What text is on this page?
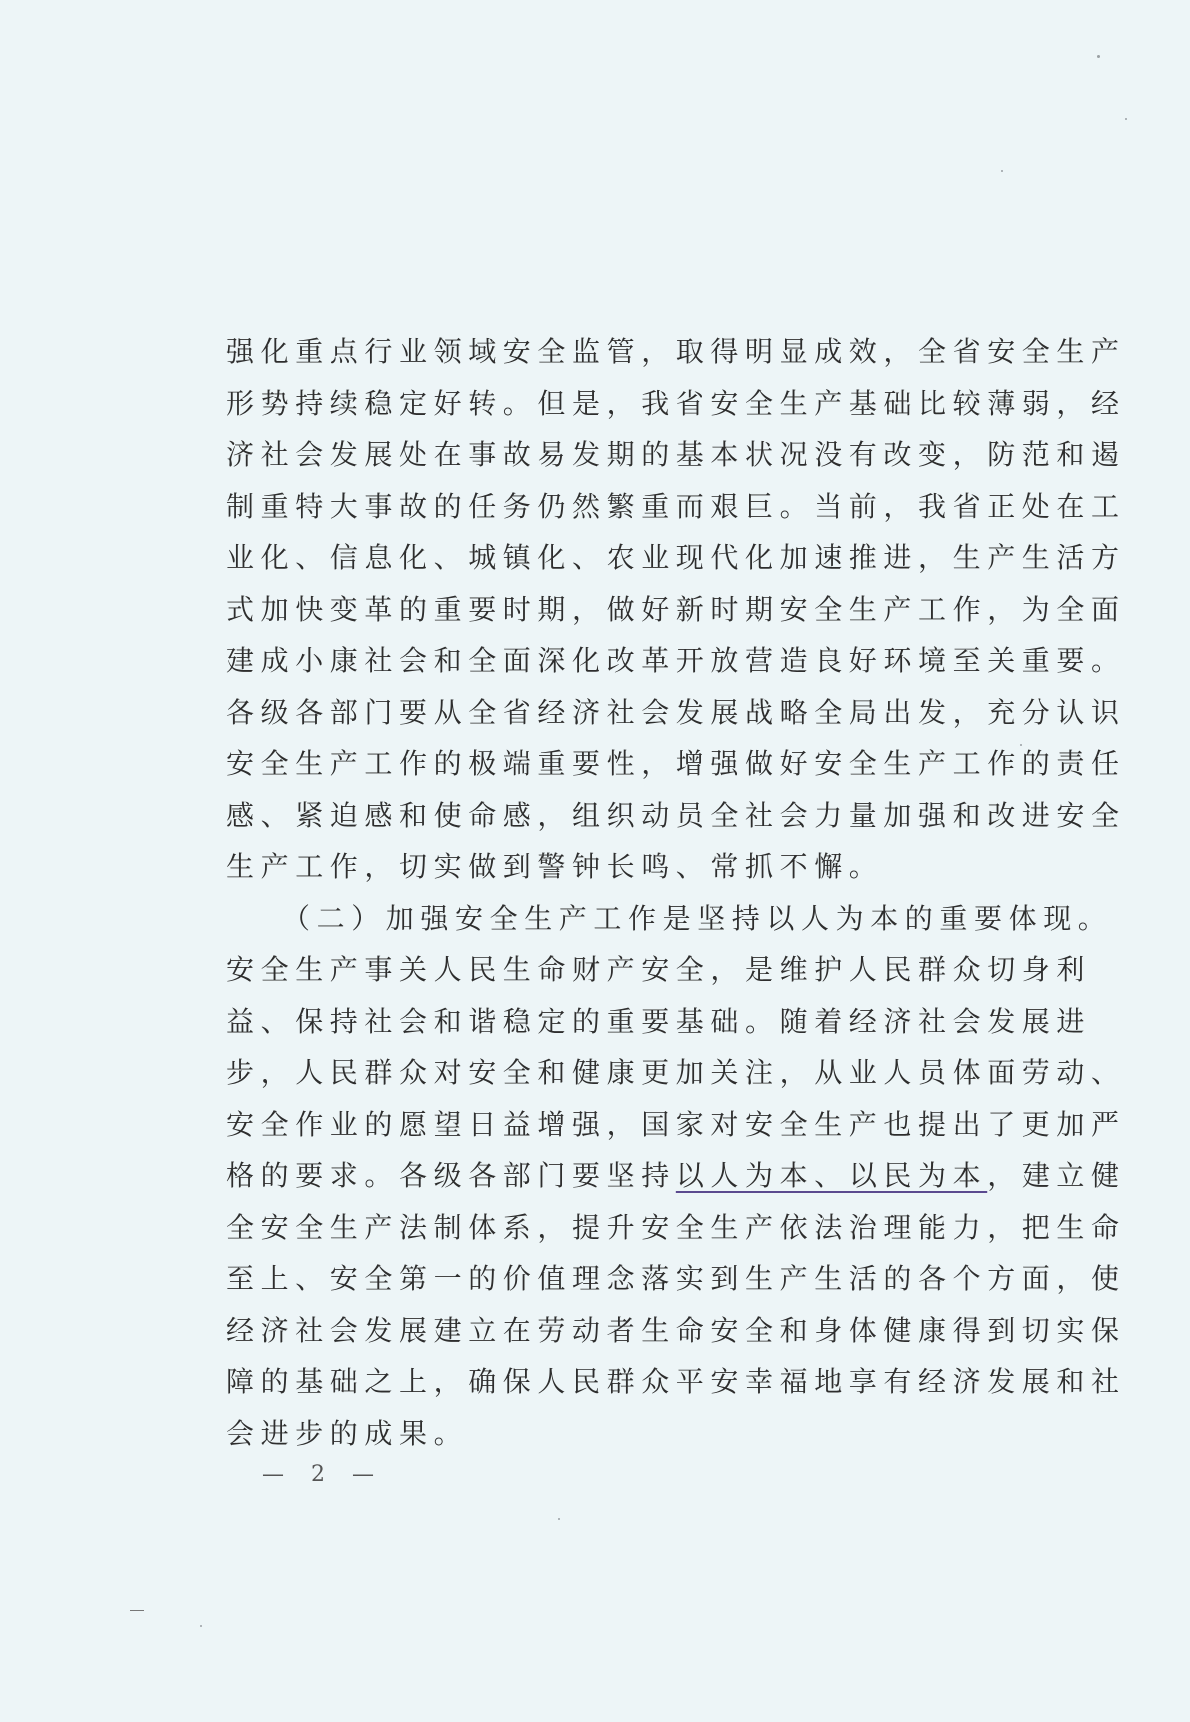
强化重点行业领域安全监管，取得明显成效，全省安全生产
形势持续稳定好转。但是，我省安全生产基础比较薄弱，经
济社会发展处在事故易发期的基本状况没有改变，防范和遏
制重特大事故的任务仍然繁重而艰巨。当前，我省正处在工
业化、信息化、城镇化、农业现代化加速推进，生产生活方
式加快变革的重要时期，做好新时期安全生产工作，为全面
建成小康社会和全面深化改革开放营造良好环境至关重要。
各级各部门要从全省经济社会发展战略全局出发，充分认识
安全生产工作的极端重要性，增强做好安全生产工作的责任
感、紧迫感和使命感，组织动员全社会力量加强和改进安全
生产工作，切实做到警钟长鸣、常抓不懈。
（二）加强安全生产工作是坚持以人为本的重要体现。
安全生产事关人民生命财产安全，是维护人民群众切身利
益、保持社会和谐稳定的重要基础。随着经济社会发展进
步，人民群众对安全和健康更加关注，从业人员体面劳动、
安全作业的愿望日益增强，国家对安全生产也提出了更加严
格的要求。各级各部门要坚持以人为本、以民为本，建立健
全安全生产法制体系，提升安全生产依法治理能力，把生命
至上、安全第一的价值理念落实到生产生活的各个方面，使
经济社会发展建立在劳动者生命安全和身体健康得到切实保
障的基础之上，确保人民群众平安幸福地享有经济发展和社
会进步的成果。
— 2 —
